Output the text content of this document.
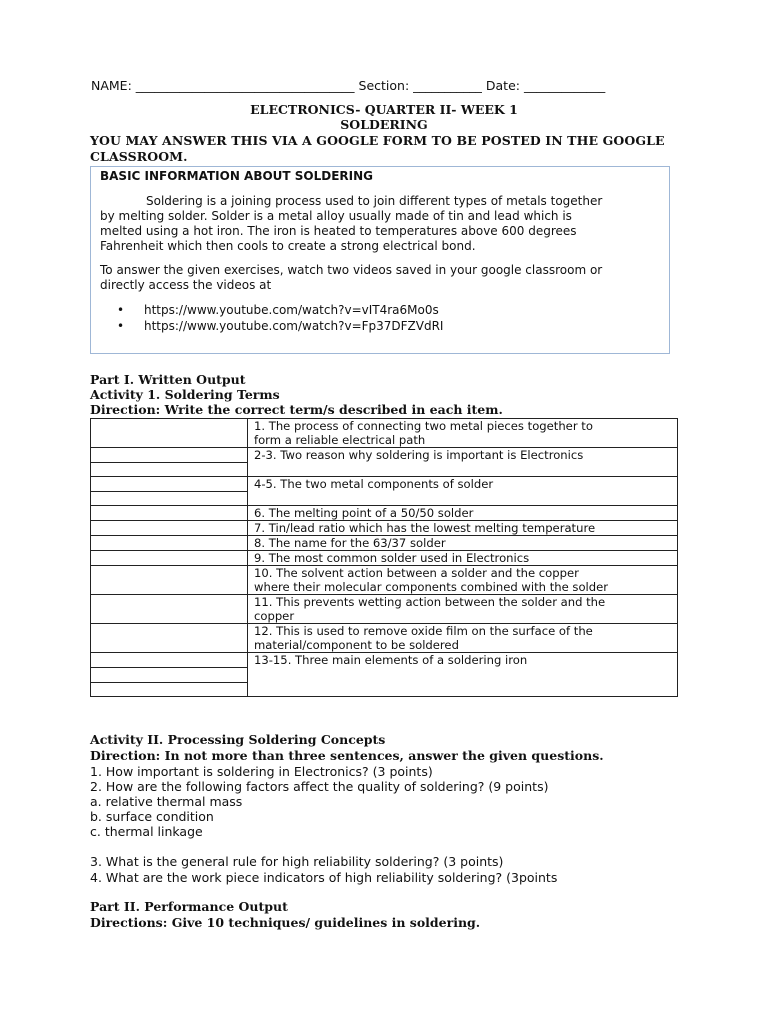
NAME: ___________________________________ Section: ___________ Date: _____________
ELECTRONICS- QUARTER II- WEEK 1
SOLDERING
YOU MAY ANSWER THIS VIA A GOOGLE FORM TO BE POSTED IN THE GOOGLE
CLASSROOM.
BASIC INFORMATION ABOUT SOLDERING
Soldering is a joining process used to join different types of metals together
by melting solder. Solder is a metal alloy usually made of tin and lead which is
melted using a hot iron. The iron is heated to temperatures above 600 degrees
Fahrenheit which then cools to create a strong electrical bond.
To answer the given exercises, watch two videos saved in your google classroom or
directly access the videos at
• https://www.youtube.com/watch?v=vIT4ra6Mo0s
• https://www.youtube.com/watch?v=Fp37DFZVdRI
Part I. Written Output
Activity 1. Soldering Terms
Direction: Write the correct term/s described in each item.

	1. The process of connecting two metal pieces together to
form a reliable electrical path

	2-3. Two reason why soldering is important is Electronics

	4-5. The two metal components of solder

	6. The melting point of a 50/50 solder
	7. Tin/lead ratio which has the lowest melting temperature
	8. The name for the 63/37 solder
	9. The most common solder used in Electronics

	10. The solvent action between a solder and the copper
where their molecular components combined with the solder

	11. This prevents wetting action between the solder and the
copper

	12. This is used to remove oxide film on the surface of the
material/component to be soldered

	13-15. Three main elements of a soldering iron

Activity II. Processing Soldering Concepts
Direction: In not more than three sentences, answer the given questions.
1. How important is soldering in Electronics? (3 points)
2. How are the following factors affect the quality of soldering? (9 points)
a. relative thermal mass
b. surface condition
c. thermal linkage
3. What is the general rule for high reliability soldering? (3 points)
4. What are the work piece indicators of high reliability soldering? (3points
Part II. Performance Output
Directions: Give 10 techniques/ guidelines in soldering.
